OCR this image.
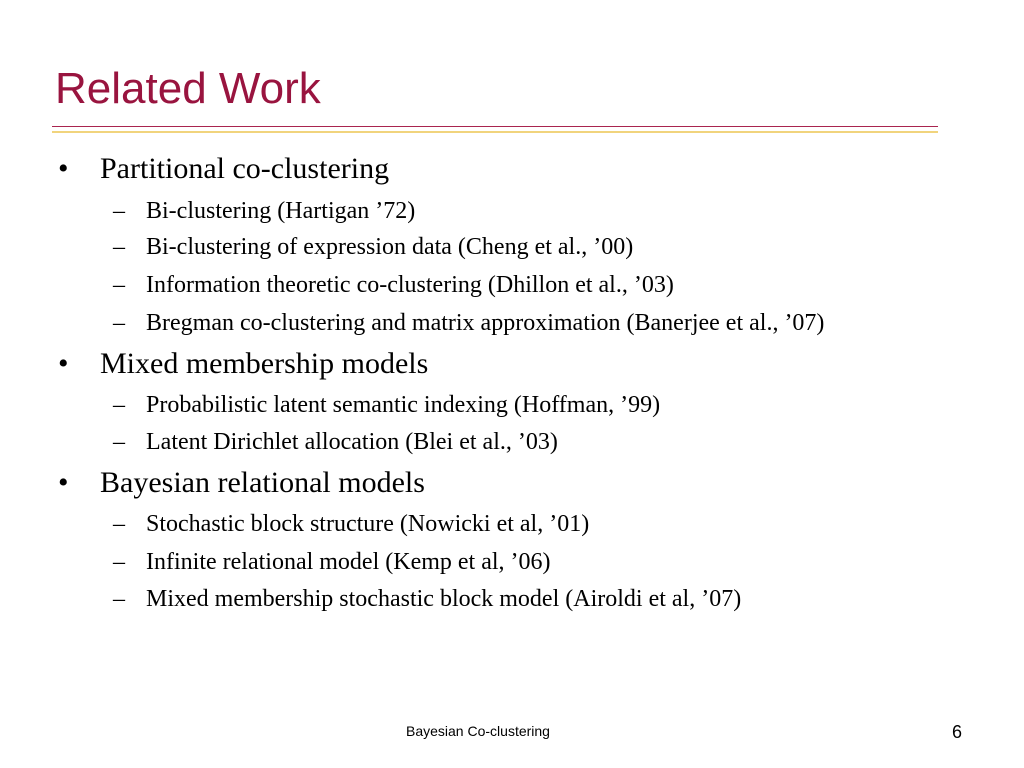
Related Work
• Partitional co-clustering
– Bi-clustering (Hartigan ’72)
– Bi-clustering of expression data (Cheng et al., ’00)
– Information theoretic co-clustering (Dhillon et al., ’03)
– Bregman co-clustering and matrix approximation (Banerjee et al., ’07)
• Mixed membership models
– Probabilistic latent semantic indexing (Hoffman, ’99)
– Latent Dirichlet allocation (Blei et al., ’03)
• Bayesian relational models
– Stochastic block structure (Nowicki et al, ’01)
– Infinite relational model (Kemp et al, ’06)
– Mixed membership stochastic block model (Airoldi et al, ’07)
Bayesian Co-clustering	6
